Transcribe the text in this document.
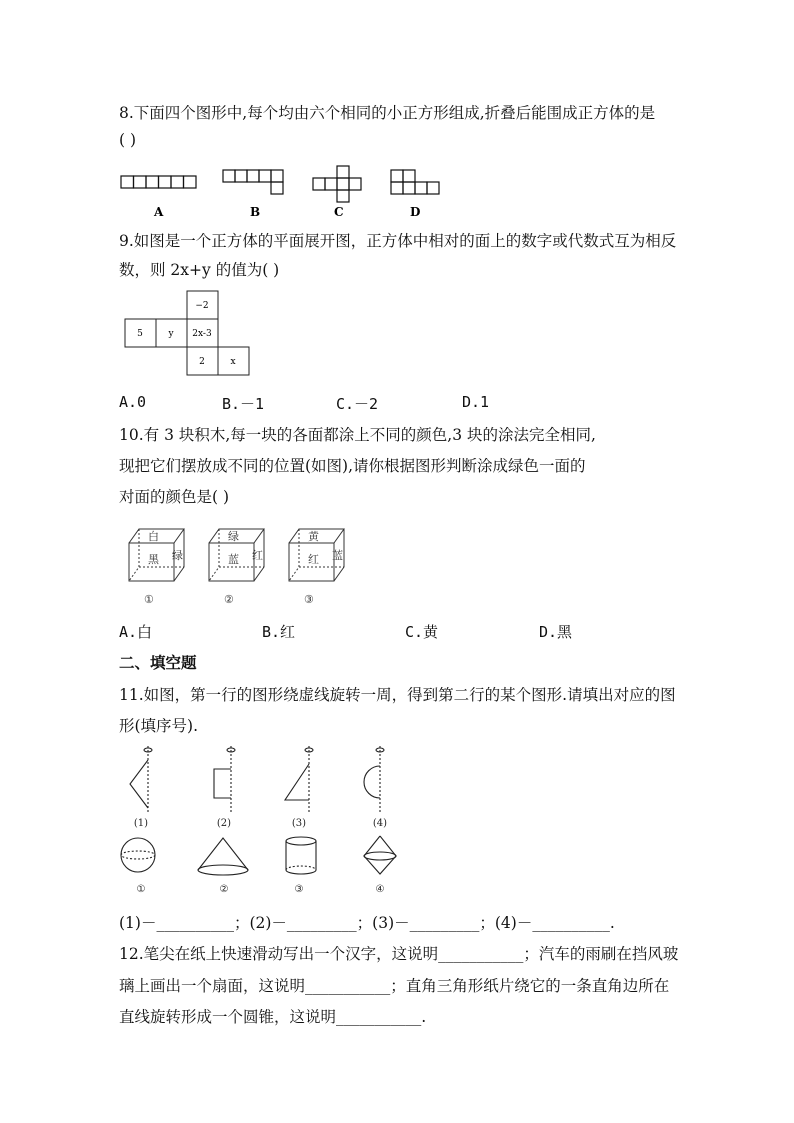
8.下面四个图形中,每个均由六个相同的小正方形组成,折叠后能围成正方体的是
( )
A	B	C	D
9.如图是一个正方体的平面展开图，正方体中相对的面上的数字或代数式互为相反
数，则 2x+y 的值为( )
−2
5	y 2x-3
2	x
A.0	B.－1	C.－2	D.1
10.有 3 块积木,每一块的各面都涂上不同的颜色,3 块的涂法完全相同,
现把它们摆放成不同的位置(如图),请你根据图形判断涂成绿色一面的
对面的颜色是( )
白
黑 绿
①
绿
蓝 红
②
黄
红 蓝
③
A.白	B.红	C.黄	D.黑
二、填空题
11.如图，第一行的图形绕虚线旋转一周，得到第二行的某个图形.请填出对应的图
形(填序号).
(1)	(2)	(3)	(4)
①	②	③	④
(1)－__________；(2)－_________；(3)－_________；(4)－__________.
12.笔尖在纸上快速滑动写出一个汉字，这说明___________；汽车的雨刷在挡风玻
璃上画出一个扇面，这说明___________；直角三角形纸片绕它的一条直角边所在
直线旋转形成一个圆锥，这说明___________.
